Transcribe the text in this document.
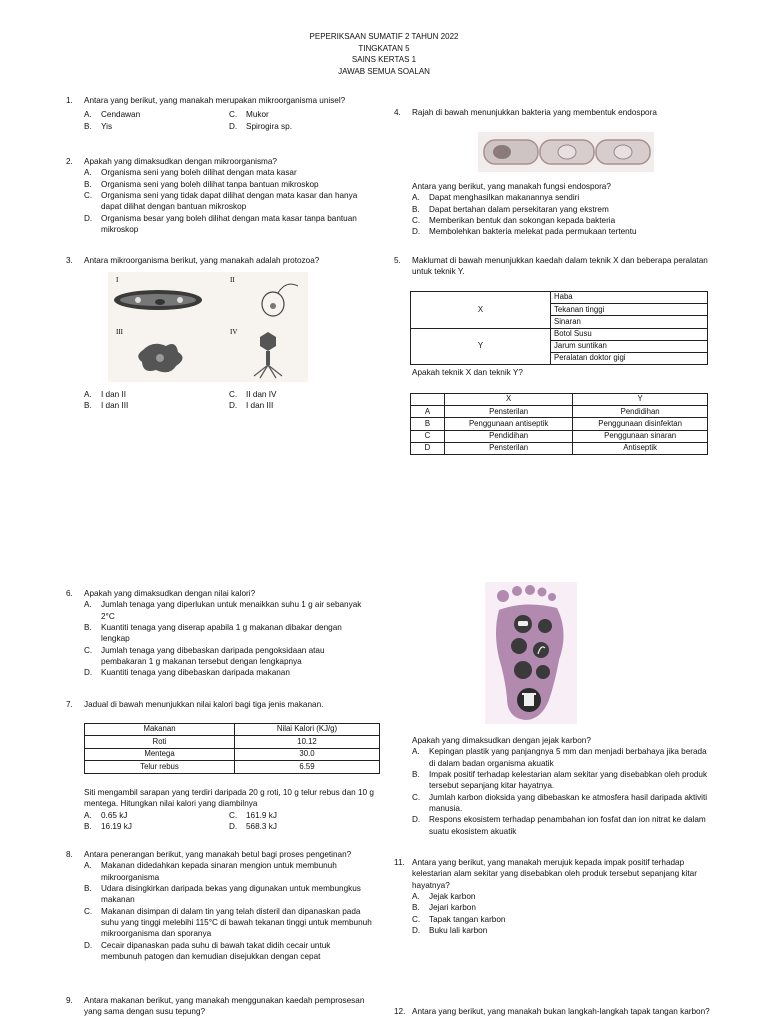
PEPERIKSAAN SUMATIF 2 TAHUN 2022
TINGKATAN 5
SAINS KERTAS 1
JAWAB SEMUA SOALAN
1.	Antara yang berikut, yang manakah merupakan mikroorganisma unisel?
A.	Cendawan	C.	Mukor
B.	Yis	D.	Spirogira sp.
2.	Apakah yang dimaksudkan dengan mikroorganisma?
A.	Organisma seni yang boleh dilihat dengan mata kasar
B.	Organisma seni yang boleh dilihat tanpa bantuan mikroskop
C.	Organisma seni yang tidak dapat dilihat dengan mata kasar dan hanya dapat dilihat dengan bantuan mikroskop
D.	Organisma besar yang boleh dilihat dengan mata kasar tanpa bantuan mikroskop
3.	Antara mikroorganisma berikut, yang manakah adalah protozoa?
I	II
III	IV
A.	I dan II	C.	II dan IV
B.	I dan III	D.	I dan III
4.	Rajah di bawah menunjukkan bakteria yang membentuk endospora
Antara yang berikut, yang manakah fungsi endospora?
A.	Dapat menghasilkan makanannya sendiri
B.	Dapat bertahan dalam persekitaran yang ekstrem
C.	Memberikan bentuk dan sokongan kepada bakteria
D.	Membolehkan bakteria melekat pada permukaan tertentu
5.	Maklumat di bawah menunjukkan kaedah dalam teknik X dan beberapa peralatan untuk teknik Y.
X	Haba
	Tekanan tinggi
	Sinaran
Y	Botol Susu
	Jarum suntikan
	Peralatan doktor gigi
Apakah teknik X dan teknik Y?
	X	Y
A	Pensterilan	Pendidihan
B	Penggunaan antiseptik	Penggunaan disinfektan
C	Pendidihan	Penggunaan sinaran
D	Pensterilan	Antiseptik
6.	Apakah yang dimaksudkan dengan nilai kalori?
A.	Jumlah tenaga yang diperlukan untuk menaikkan suhu 1 g air sebanyak 2°C
B.	Kuantiti tenaga yang diserap apabila 1 g makanan dibakar dengan lengkap
C.	Jumlah tenaga yang dibebaskan daripada pengoksidaan atau pembakaran 1 g makanan tersebut dengan lengkapnya
D.	Kuantiti tenaga yang dibebaskan daripada makanan
7.	Jadual di bawah menunjukkan nilai kalori bagi tiga jenis makanan.
Makanan	Nilai Kalori (KJ/g)
Roti	10.12
Mentega	30.0
Telur rebus	6.59
Siti mengambil sarapan yang terdiri daripada 20 g roti, 10 g telur rebus dan 10 g mentega. Hitungkan nilai kalori yang diambilnya
A.	0.65 kJ	C.	161.9 kJ
B.	16.19 kJ	D.	568.3 kJ
8.	Antara penerangan berikut, yang manakah betul bagi proses pengetinan?
A.	Makanan didedahkan kepada sinaran mengion untuk membunuh mikroorganisma
B.	Udara disingkirkan daripada bekas yang digunakan untuk membungkus makanan
C.	Makanan disimpan di dalam tin yang telah disteril dan dipanaskan pada suhu yang tinggi melebihi 115°C di bawah tekanan tinggi untuk membunuh mikroorganisma dan sporanya
D.	Cecair dipanaskan pada suhu di bawah takat didih cecair untuk membunuh patogen dan kemudian disejukkan dengan cepat
9.	Antara makanan berikut, yang manakah menggunakan kaedah pemprosesan yang sama dengan susu tepung?
Apakah yang dimaksudkan dengan jejak karbon?
A.	Kepingan plastik yang panjangnya 5 mm dan menjadi berbahaya jika berada di dalam badan organisma akuatik
B.	Impak positif terhadap kelestarian alam sekitar yang disebabkan oleh produk tersebut sepanjang kitar hayatnya.
C.	Jumlah karbon dioksida yang dibebaskan ke atmosfera hasil daripada aktiviti manusia.
D.	Respons ekosistem terhadap penambahan ion fosfat dan ion nitrat ke dalam suatu ekosistem akuatik
11. Antara yang berikut, yang manakah merujuk kepada impak positif terhadap kelestarian alam sekitar yang disebabkan oleh produk tersebut sepanjang kitar hayatnya?
A.	Jejak karbon
B.	Jejari karbon
C.	Tapak tangan karbon
D.	Buku lali karbon
12. Antara yang berikut, yang manakah bukan langkah-langkah tapak tangan karbon?
